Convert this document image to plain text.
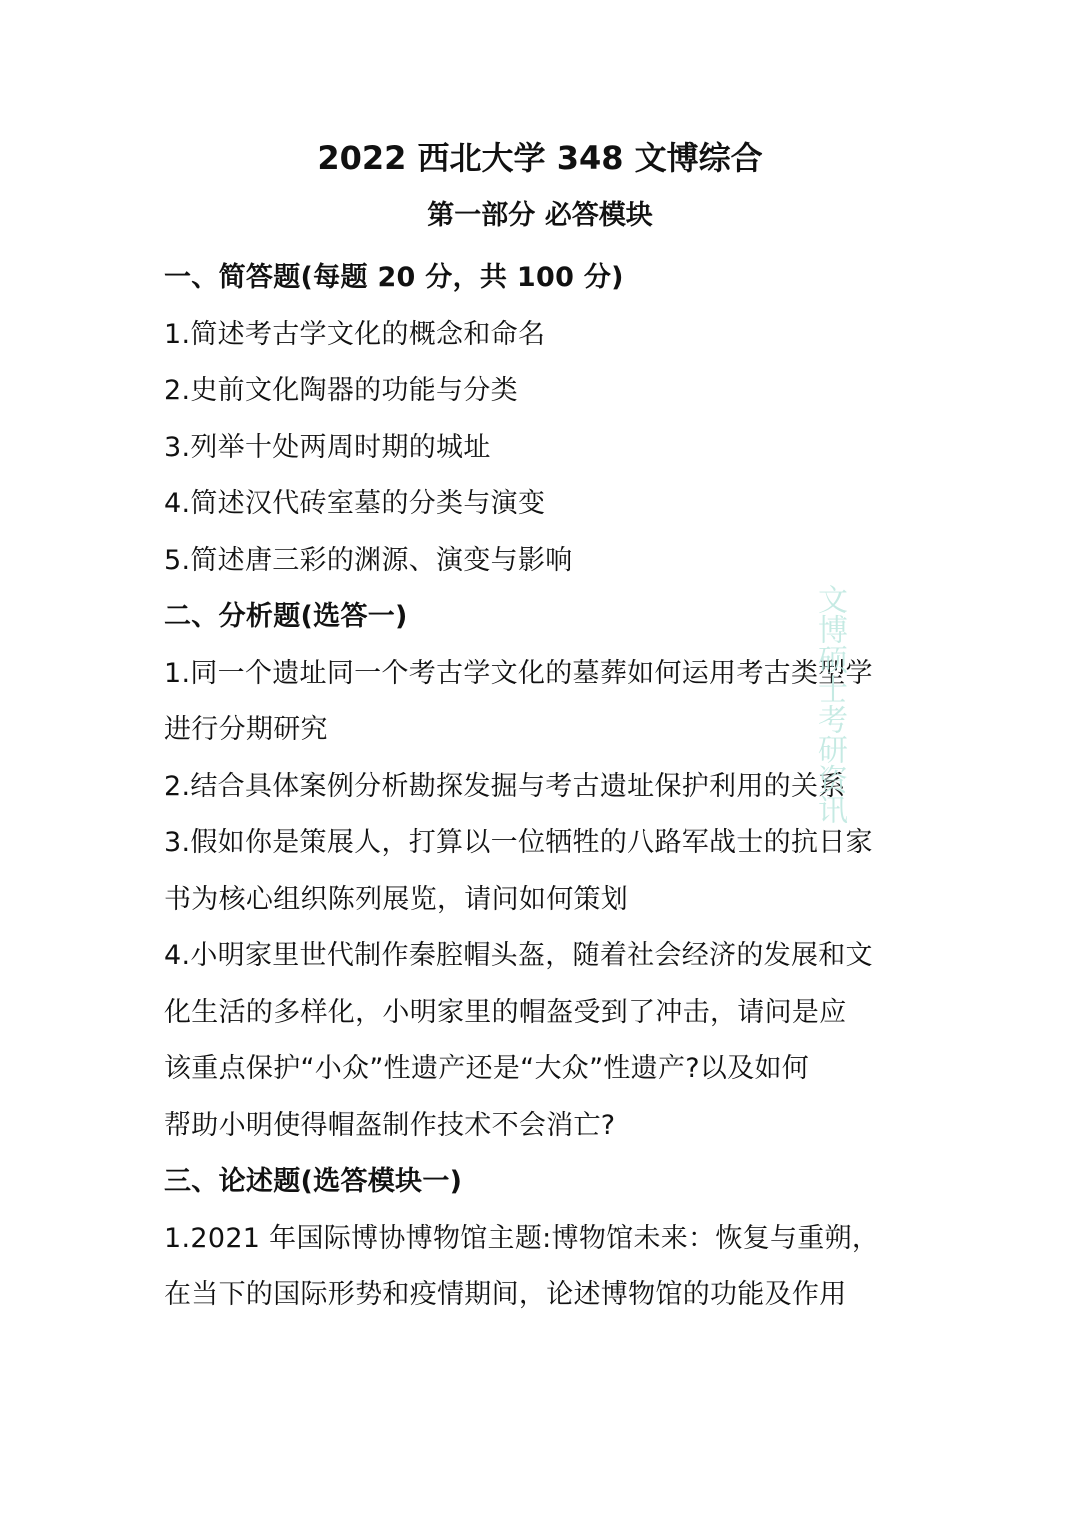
2022 西北大学 348 文博综合
第一部分 必答模块
一、简答题(每题 20 分，共 100 分)
1.简述考古学文化的概念和命名
2.史前文化陶器的功能与分类
3.列举十处两周时期的城址
4.简述汉代砖室墓的分类与演变
5.简述唐三彩的渊源、演变与影响
二、分析题(选答一)
1.同一个遗址同一个考古学文化的墓葬如何运用考古类型学
进行分期研究
2.结合具体案例分析勘探发掘与考古遗址保护利用的关系
3.假如你是策展人，打算以一位牺牲的八路军战士的抗日家
书为核心组织陈列展览，请问如何策划
4.小明家里世代制作秦腔帽头盔，随着社会经济的发展和文
化生活的多样化，小明家里的帽盔受到了冲击，请问是应
该重点保护“小众”性遗产还是“大众”性遗产?以及如何
帮助小明使得帽盔制作技术不会消亡?
三、论述题(选答模块一)
1.2021 年国际博协博物馆主题:博物馆未来：恢复与重朔，
在当下的国际形势和疫情期间，论述博物馆的功能及作用
文博硕士考研资讯
